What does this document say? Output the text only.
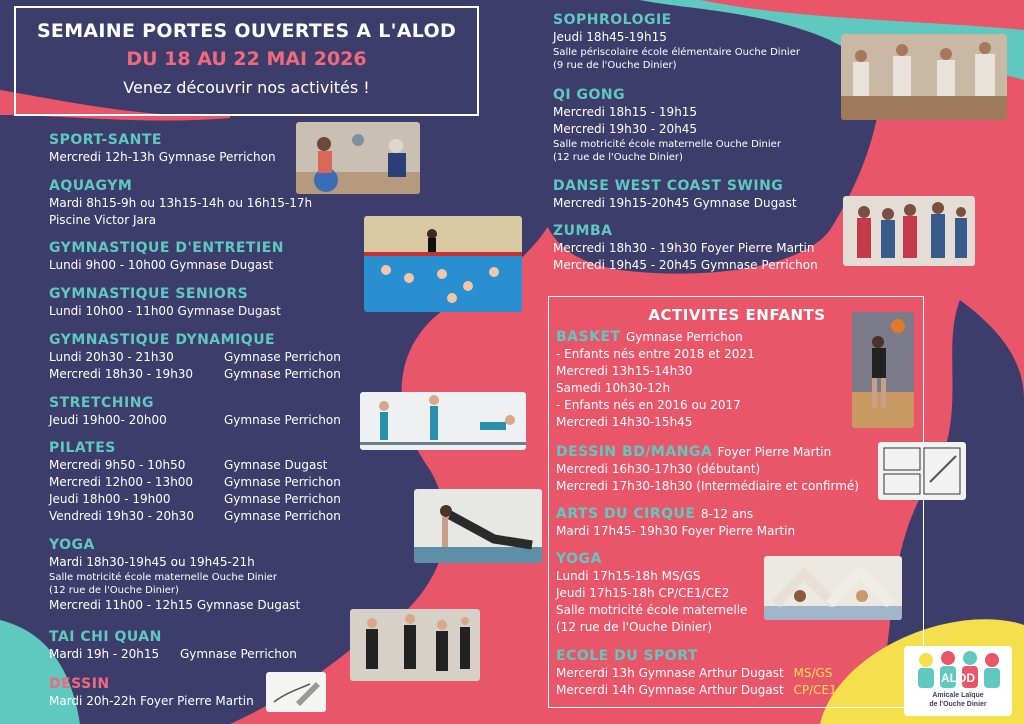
SEMAINE PORTES OUVERTES A L'ALOD
DU 18 AU 22 MAI 2026
Venez découvrir nos activités !
SPORT-SANTE
Mercredi 12h-13h Gymnase Perrichon
AQUAGYM
Mardi 8h15-9h ou 13h15-14h ou 16h15-17h
Piscine Victor Jara
GYMNASTIQUE D'ENTRETIEN
Lundi 9h00 - 10h00 Gymnase Dugast
GYMNASTIQUE SENIORS
Lundi 10h00 - 11h00 Gymnase Dugast
GYMNASTIQUE DYNAMIQUE
Lundi 20h30 - 21h30	Gymnase Perrichon
Mercredi 18h30 - 19h30	Gymnase Perrichon
STRETCHING
Jeudi 19h00- 20h00	Gymnase Perrichon
PILATES
Mercredi 9h50 - 10h50	Gymnase Dugast
Mercredi 12h00 - 13h00	Gymnase Perrichon
Jeudi 18h00 - 19h00	Gymnase Perrichon
Vendredi 19h30 - 20h30	Gymnase Perrichon
YOGA
Mardi 18h30-19h45 ou 19h45-21h
Salle motricité école maternelle Ouche Dinier
(12 rue de l'Ouche Dinier)
Mercredi 11h00 - 12h15 Gymnase Dugast
TAI CHI QUAN
Mardi 19h - 20h15	Gymnase Perrichon
DESSIN
Mardi 20h-22h Foyer Pierre Martin
SOPHROLOGIE
Jeudi 18h45-19h15
Salle périscolaire école élémentaire Ouche Dinier
(9 rue de l'Ouche Dinier)
QI GONG
Mercredi 18h15 - 19h15
Mercredi 19h30 - 20h45
Salle motricité école maternelle Ouche Dinier
(12 rue de l'Ouche Dinier)
DANSE WEST COAST SWING
Mercredi 19h15-20h45 Gymnase Dugast
ZUMBA
Mercredi 18h30 - 19h30 Foyer Pierre Martin
Mercredi 19h45 - 20h45 Gymnase Perrichon
ACTIVITES ENFANTS
BASKET Gymnase Perrichon
- Enfants nés entre 2018 et 2021
Mercredi 13h15-14h30
Samedi 10h30-12h
- Enfants nés en 2016 ou 2017
Mercredi 14h30-15h45
DESSIN BD/MANGA Foyer Pierre Martin
Mercredi 16h30-17h30 (débutant)
Mercredi 17h30-18h30 (Intermédiaire et confirmé)
ARTS DU CIRQUE 8-12 ans
Mardi 17h45- 19h30 Foyer Pierre Martin
YOGA
Lundi 17h15-18h MS/GS
Jeudi 17h15-18h CP/CE1/CE2
Salle motricité école maternelle
(12 rue de l'Ouche Dinier)
ECOLE DU SPORT
Mercerdi 13h Gymnase Arthur Dugast MS/GS
Mercerdi 14h Gymnase Arthur Dugast CP/CE1/CE2
ALOD
Amicale Laïque
de l'Ouche Dinier
